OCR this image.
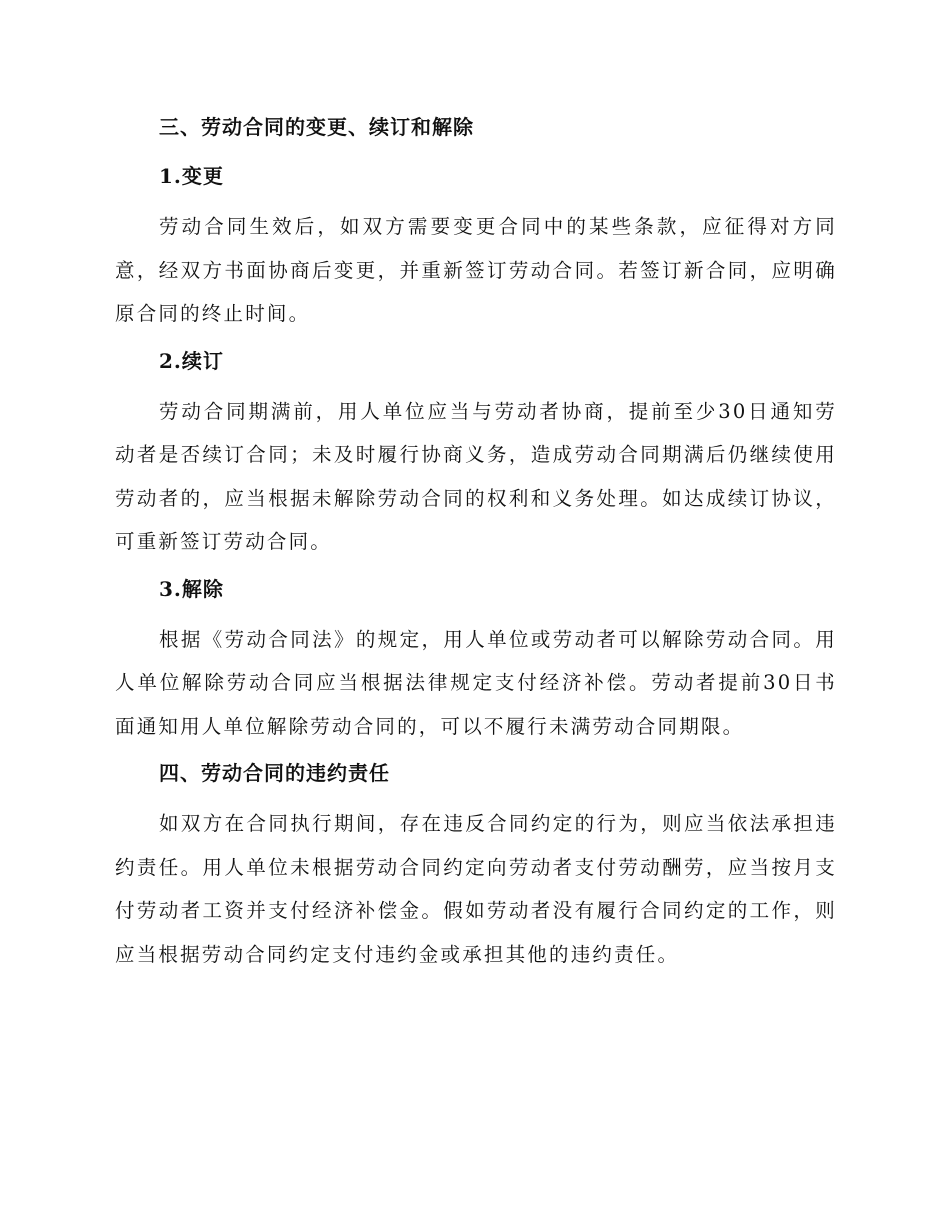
三、劳动合同的变更、续订和解除
1.变更

劳动合同生效后，如双方需要变更合同中的某些条款，应征得对方同意，经双方书面协商后变更，并重新签订劳动合同。若签订新合同，应明确原合同的终止时间。

2.续订

劳动合同期满前，用人单位应当与劳动者协商，提前至少30日通知劳动者是否续订合同；未及时履行协商义务，造成劳动合同期满后仍继续使用劳动者的，应当根据未解除劳动合同的权利和义务处理。如达成续订协议，可重新签订劳动合同。

3.解除

根据《劳动合同法》的规定，用人单位或劳动者可以解除劳动合同。用人单位解除劳动合同应当根据法律规定支付经济补偿。劳动者提前30日书面通知用人单位解除劳动合同的，可以不履行未满劳动合同期限。

四、劳动合同的违约责任

如双方在合同执行期间，存在违反合同约定的行为，则应当依法承担违约责任。用人单位未根据劳动合同约定向劳动者支付劳动酬劳，应当按月支付劳动者工资并支付经济补偿金。假如劳动者没有履行合同约定的工作，则应当根据劳动合同约定支付违约金或承担其他的违约责任。
